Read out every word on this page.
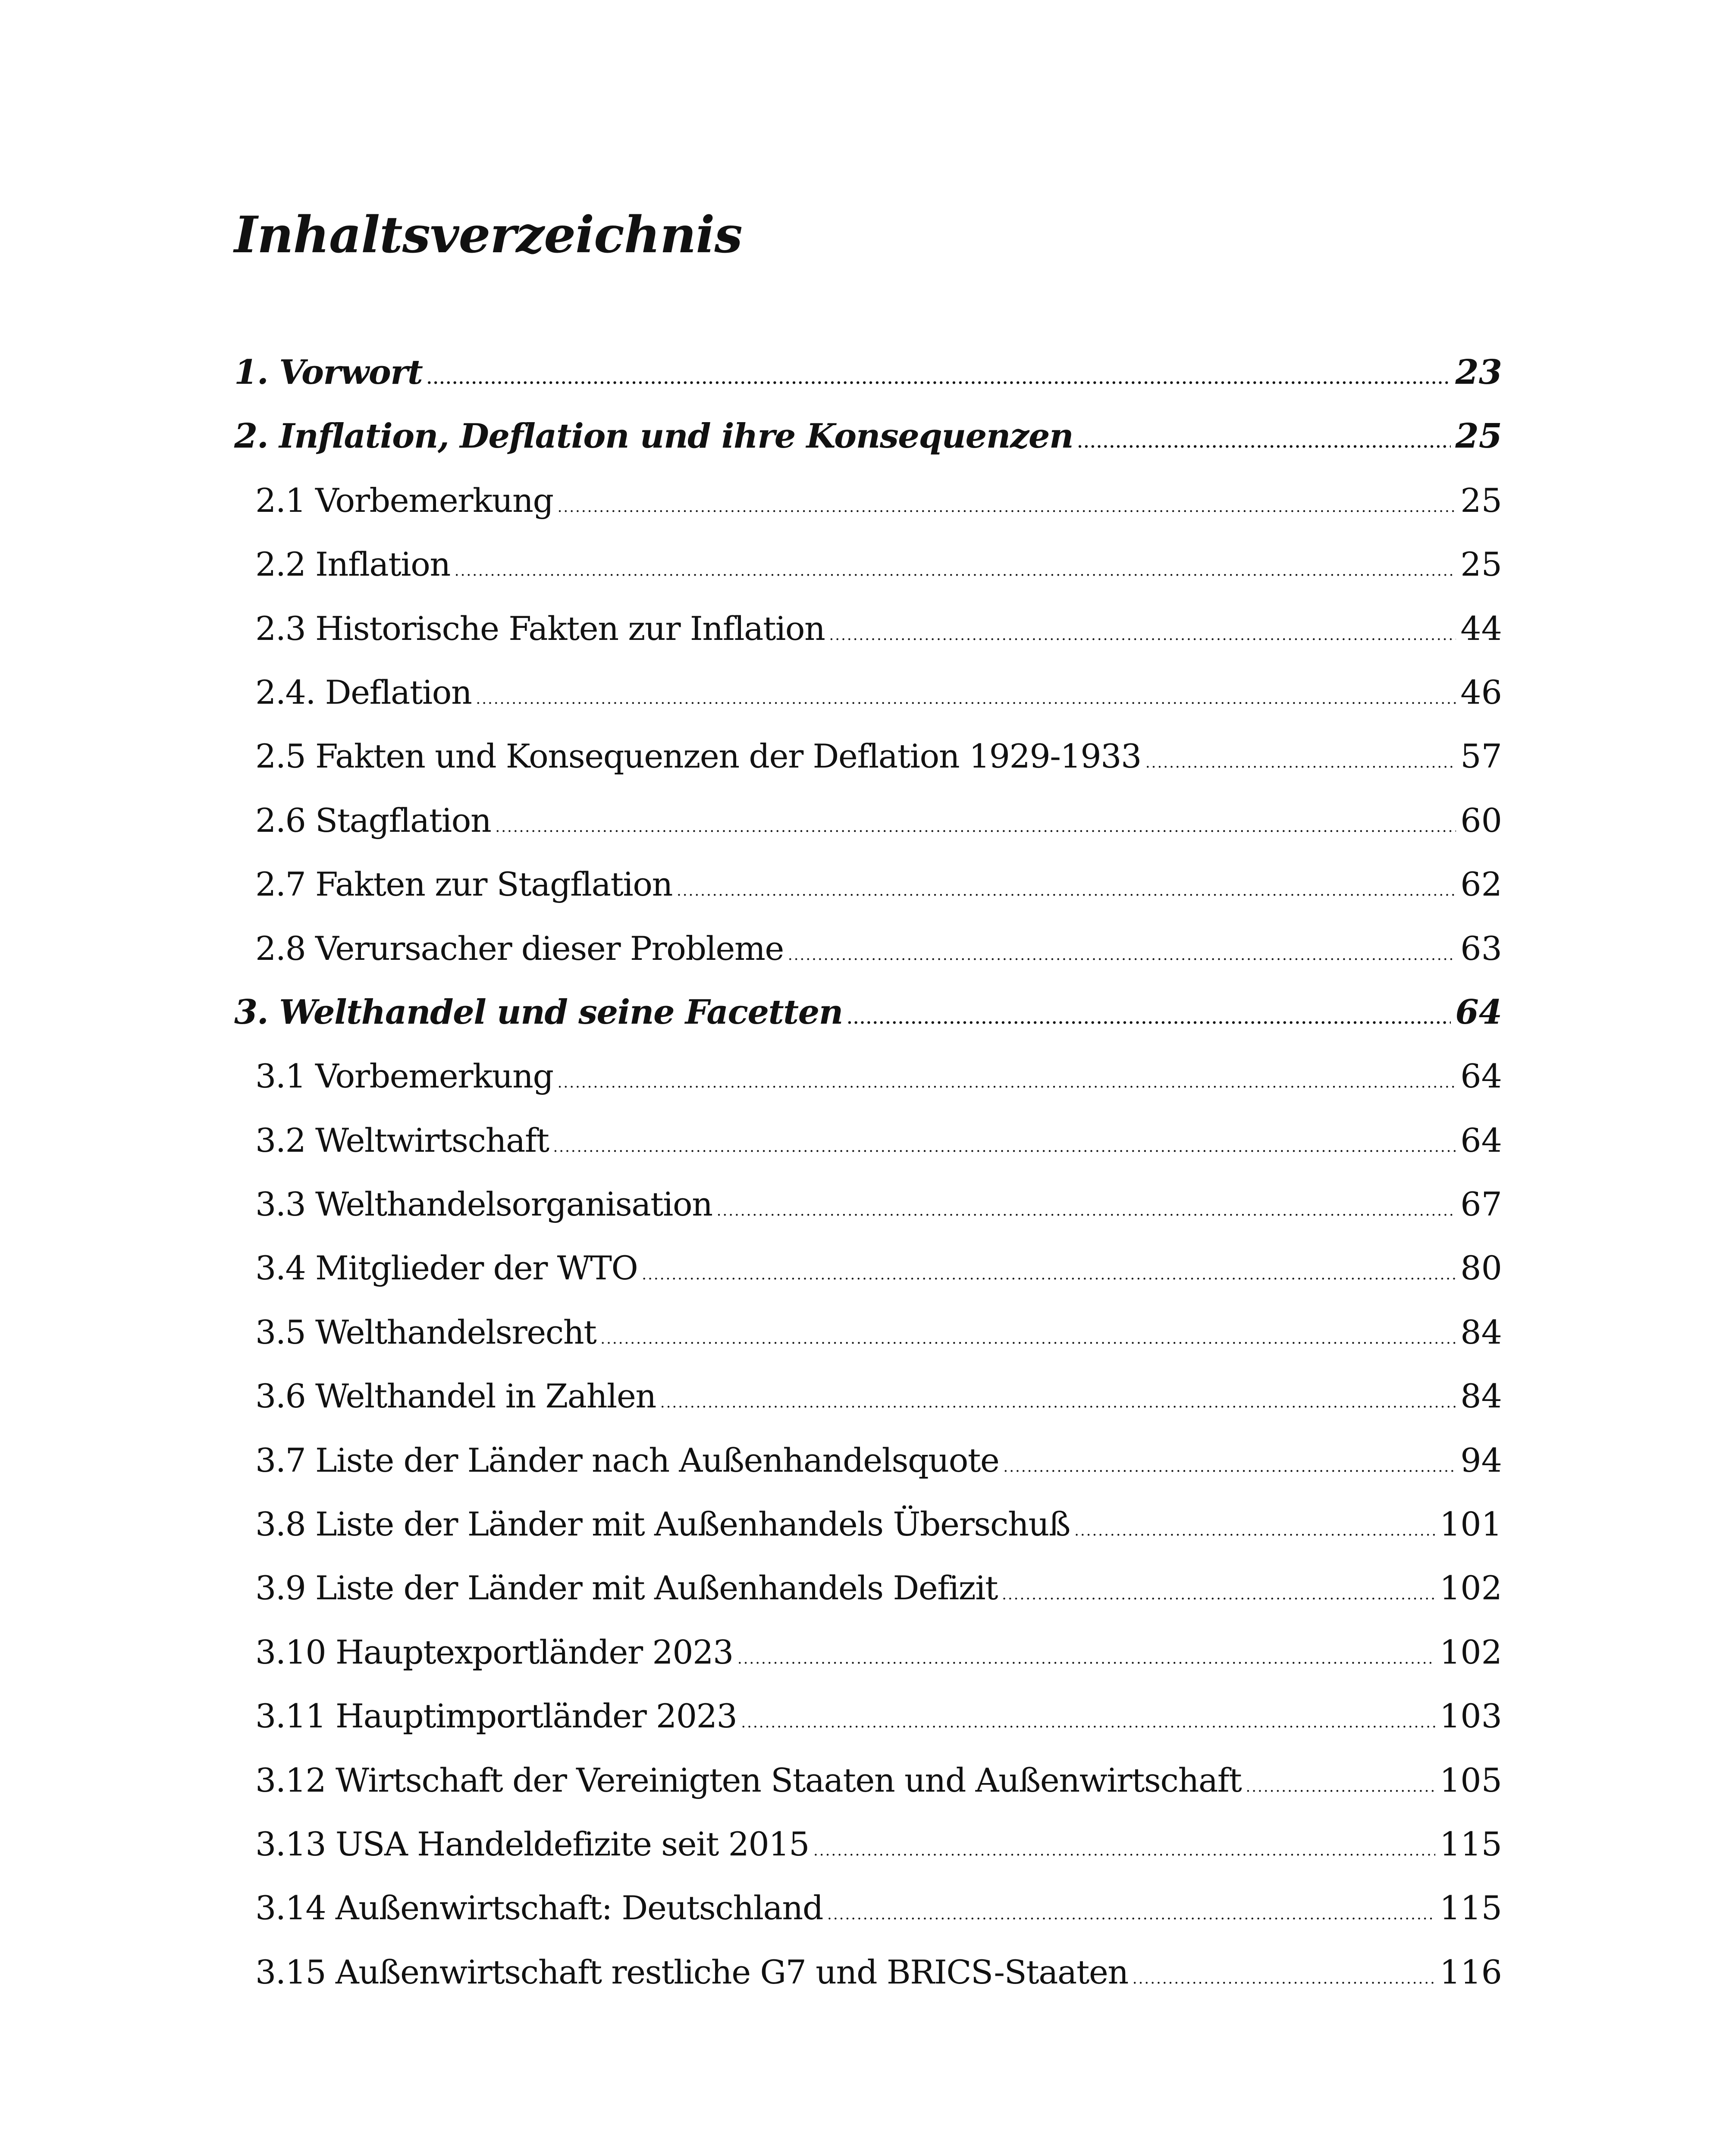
Inhaltsverzeichnis
1. Vorwort .....	23
2. Inflation, Deflation und ihre Konsequenzen .....	25
2.1 Vorbemerkung .....	25
2.2 Inflation .....	25
2.3 Historische Fakten zur Inflation .....	44
2.4. Deflation .....	46
2.5 Fakten und Konsequenzen der Deflation 1929-1933 .....	57
2.6 Stagflation .....	60
2.7 Fakten zur Stagflation .....	62
2.8 Verursacher dieser Probleme .....	63
3. Welthandel und seine Facetten .....	64
3.1 Vorbemerkung .....	64
3.2 Weltwirtschaft .....	64
3.3 Welthandelsorganisation .....	67
3.4 Mitglieder der WTO .....	80
3.5 Welthandelsrecht .....	84
3.6 Welthandel in Zahlen .....	84
3.7 Liste der Länder nach Außenhandelsquote .....	94
3.8 Liste der Länder mit Außenhandels Überschuß .....	101
3.9 Liste der Länder mit Außenhandels Defizit .....	102
3.10 Hauptexportländer 2023 .....	102
3.11 Hauptimportländer 2023 .....	103
3.12 Wirtschaft der Vereinigten Staaten und Außenwirtschaft .....	105
3.13 USA Handeldefizite seit 2015 .....	115
3.14 Außenwirtschaft: Deutschland .....	115
3.15 Außenwirtschaft restliche G7 und BRICS-Staaten .....	116
